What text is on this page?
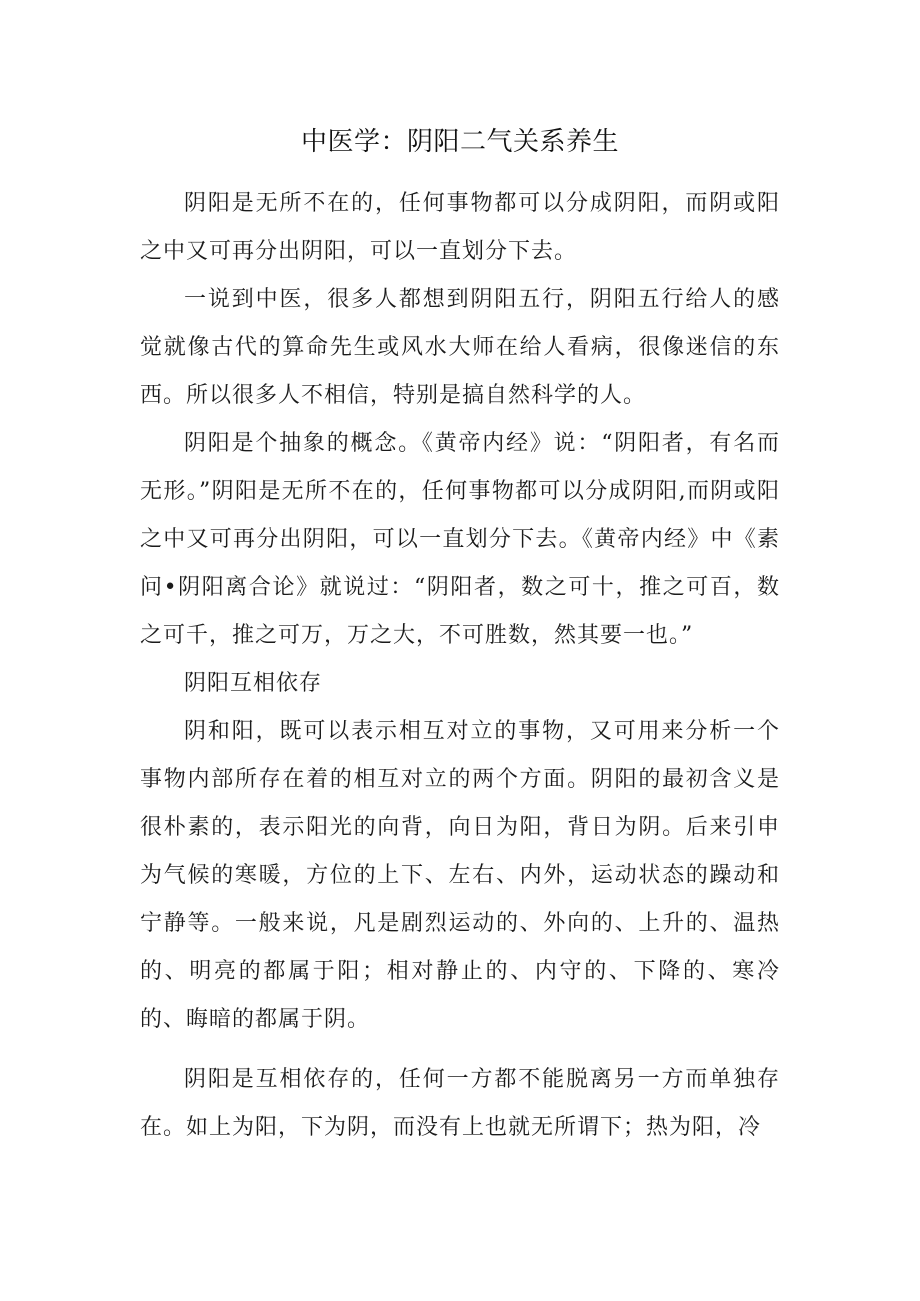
中医学：阴阳二气关系养生

阴阳是无所不在的，任何事物都可以分成阴阳，而阴或阳之中又可再分出阴阳，可以一直划分下去。

一说到中医，很多人都想到阴阳五行，阴阳五行给人的感觉就像古代的算命先生或风水大师在给人看病，很像迷信的东西。所以很多人不相信，特别是搞自然科学的人。

阴阳是个抽象的概念。《黄帝内经》说：“阴阳者，有名而无形。”阴阳是无所不在的，任何事物都可以分成阴阳,而阴或阳之中又可再分出阴阳，可以一直划分下去。《黄帝内经》中《素问•阴阳离合论》就说过：“阴阳者，数之可十，推之可百，数之可千，推之可万，万之大，不可胜数，然其要一也。”

阴阳互相依存

阴和阳，既可以表示相互对立的事物，又可用来分析一个事物内部所存在着的相互对立的两个方面。阴阳的最初含义是很朴素的，表示阳光的向背，向日为阳，背日为阴。后来引申为气候的寒暖，方位的上下、左右、内外，运动状态的躁动和宁静等。一般来说，凡是剧烈运动的、外向的、上升的、温热的、明亮的都属于阳；相对静止的、内守的、下降的、寒冷的、晦暗的都属于阴。

阴阳是互相依存的，任何一方都不能脱离另一方而单独存在。如上为阳，下为阴，而没有上也就无所谓下；热为阳，冷
